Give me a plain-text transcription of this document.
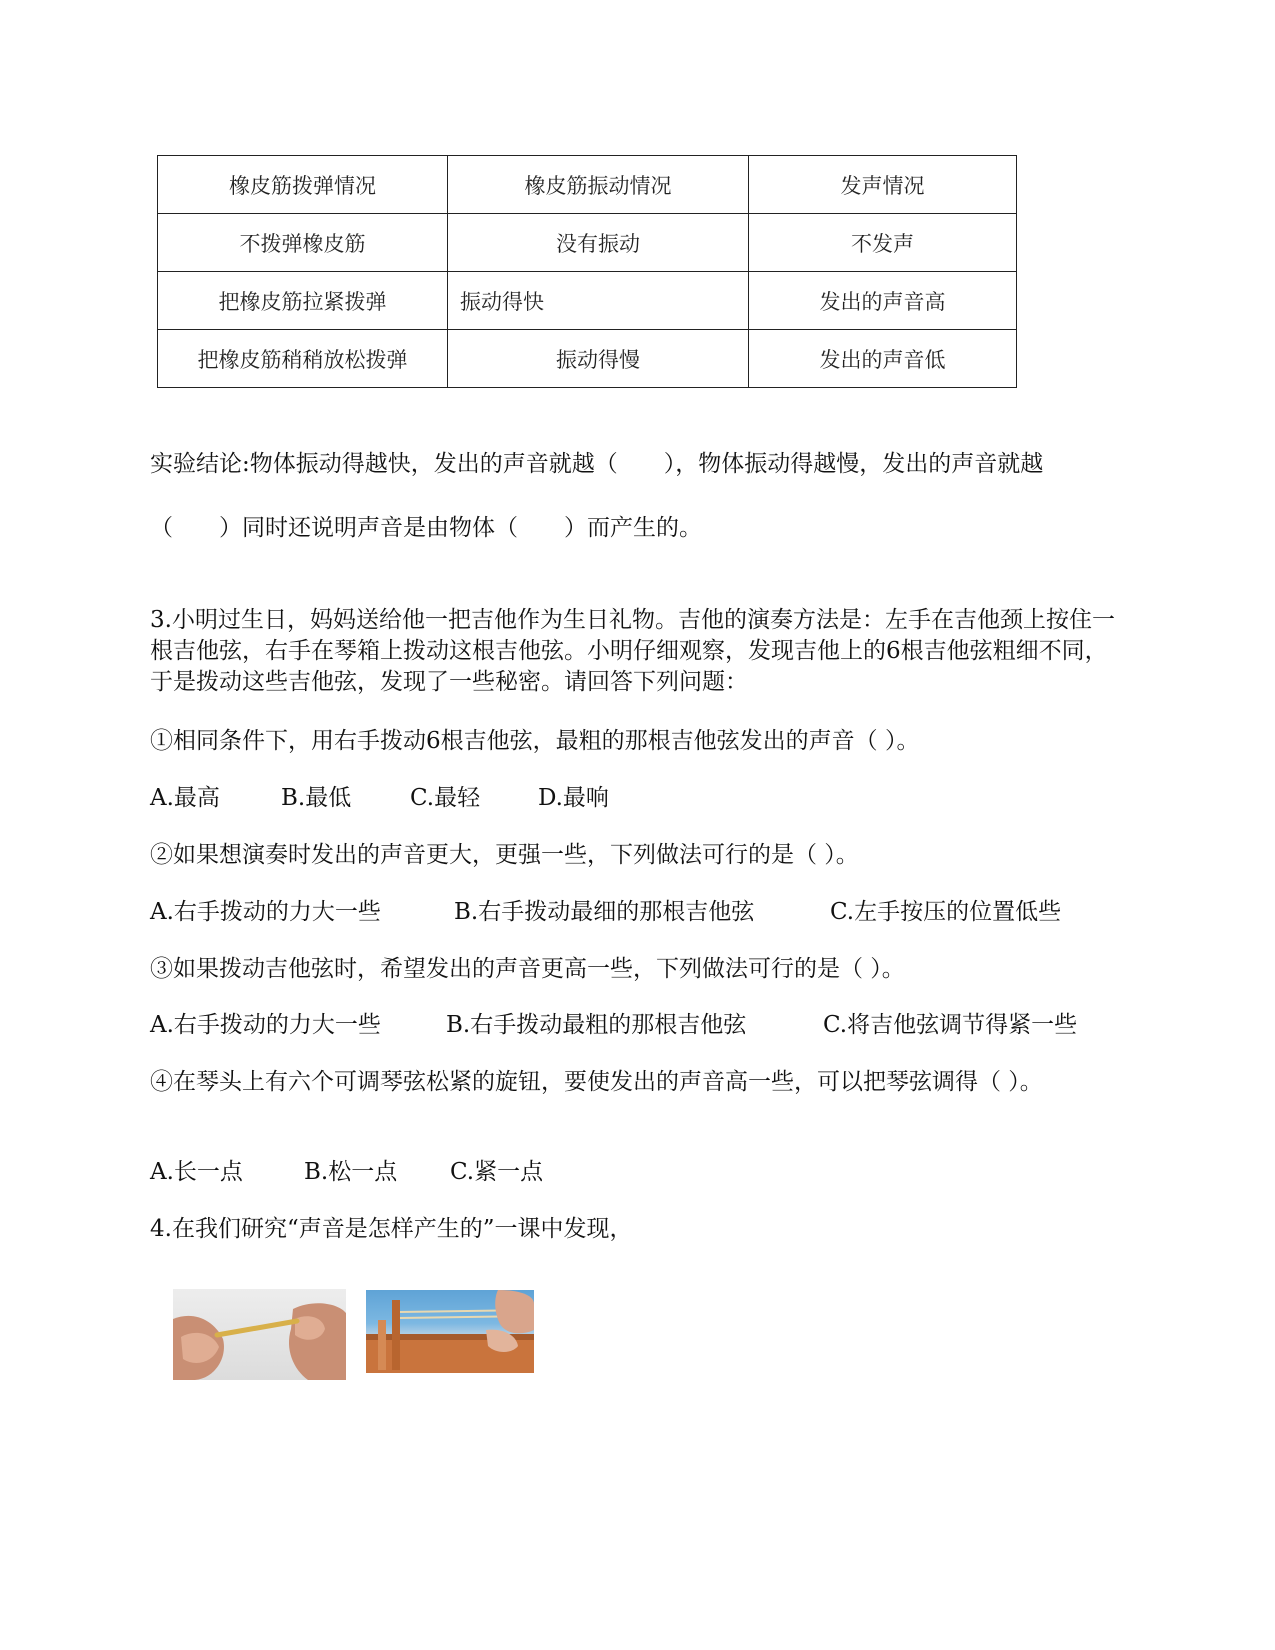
橡皮筋拨弹情况	橡皮筋振动情况	发声情况
不拨弹橡皮筋	没有振动	不发声
把橡皮筋拉紧拨弹	振动得快	发出的声音高
把橡皮筋稍稍放松拨弹	振动得慢	发出的声音低
实验结论:物体振动得越快，发出的声音就越（　　），物体振动得越慢，发出的声音就越
（　　）同时还说明声音是由物体（　　）而产生的。
3.小明过生日，妈妈送给他一把吉他作为生日礼物。吉他的演奏方法是：左手在吉他颈上按住一根吉他弦，右手在琴箱上拨动这根吉他弦。小明仔细观察，发现吉他上的6根吉他弦粗细不同，于是拨动这些吉他弦，发现了一些秘密。请回答下列问题：
①相同条件下，用右手拨动6根吉他弦，最粗的那根吉他弦发出的声音（ ）。
A.最高	B.最低	C.最轻	D.最响
②如果想演奏时发出的声音更大，更强一些，下列做法可行的是（ ）。
A.右手拨动的力大一些	B.右手拨动最细的那根吉他弦	C.左手按压的位置低些
③如果拨动吉他弦时，希望发出的声音更高一些，下列做法可行的是（ ）。
A.右手拨动的力大一些	B.右手拨动最粗的那根吉他弦	C.将吉他弦调节得紧一些
④在琴头上有六个可调琴弦松紧的旋钮，要使发出的声音高一些，可以把琴弦调得（ ）。
A.长一点	B.松一点 C.紧一点
4.在我们研究“声音是怎样产生的”一课中发现，
